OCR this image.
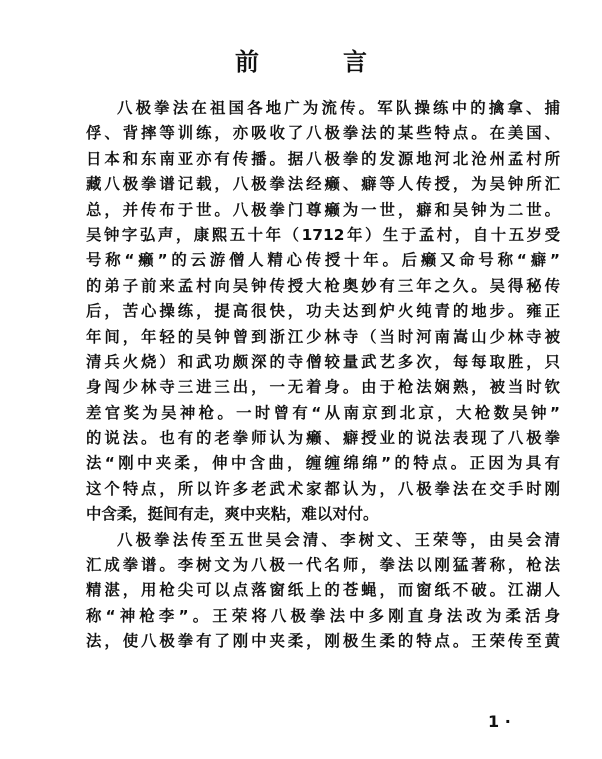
前　言
八极拳法在祖国各地广为流传。军队操练中的擒拿、捕
俘、背摔等训练，亦吸收了八极拳法的某些特点。在美国、
日本和东南亚亦有传播。据八极拳的发源地河北沧州孟村所
藏八极拳谱记载，八极拳法经癞、癖等人传授，为吴钟所汇
总，并传布于世。八极拳门尊癞为一世，癖和吴钟为二世。
吴钟字弘声，康熙五十年（1712年）生于孟村，自十五岁受
号称“癞”的云游僧人精心传授十年。后癞又命号称“癖”
的弟子前来孟村向吴钟传授大枪奥妙有三年之久。吴得秘传
后，苦心操练，提高很快，功夫达到炉火纯青的地步。雍正
年间，年轻的吴钟曾到浙江少林寺（当时河南嵩山少林寺被
清兵火烧）和武功颇深的寺僧较量武艺多次，每每取胜，只
身闯少林寺三进三出，一无着身。由于枪法娴熟，被当时钦
差官奖为吴神枪。一时曾有“从南京到北京，大枪数吴钟”
的说法。也有的老拳师认为癞、癖授业的说法表现了八极拳
法“刚中夹柔，伸中含曲，缠缠绵绵”的特点。正因为具有
这个特点，所以许多老武术家都认为，八极拳法在交手时刚
中含柔，挺间有走，爽中夹粘，难以对付。
八极拳法传至五世吴会清、李树文、王荣等，由吴会清
汇成拳谱。李树文为八极一代名师，拳法以刚猛著称，枪法
精湛，用枪尖可以点落窗纸上的苍蝇，而窗纸不破。江湖人
称“神枪李”。王荣将八极拳法中多刚直身法改为柔活身
法，使八极拳有了刚中夹柔，刚极生柔的特点。王荣传至黄
1 ·
